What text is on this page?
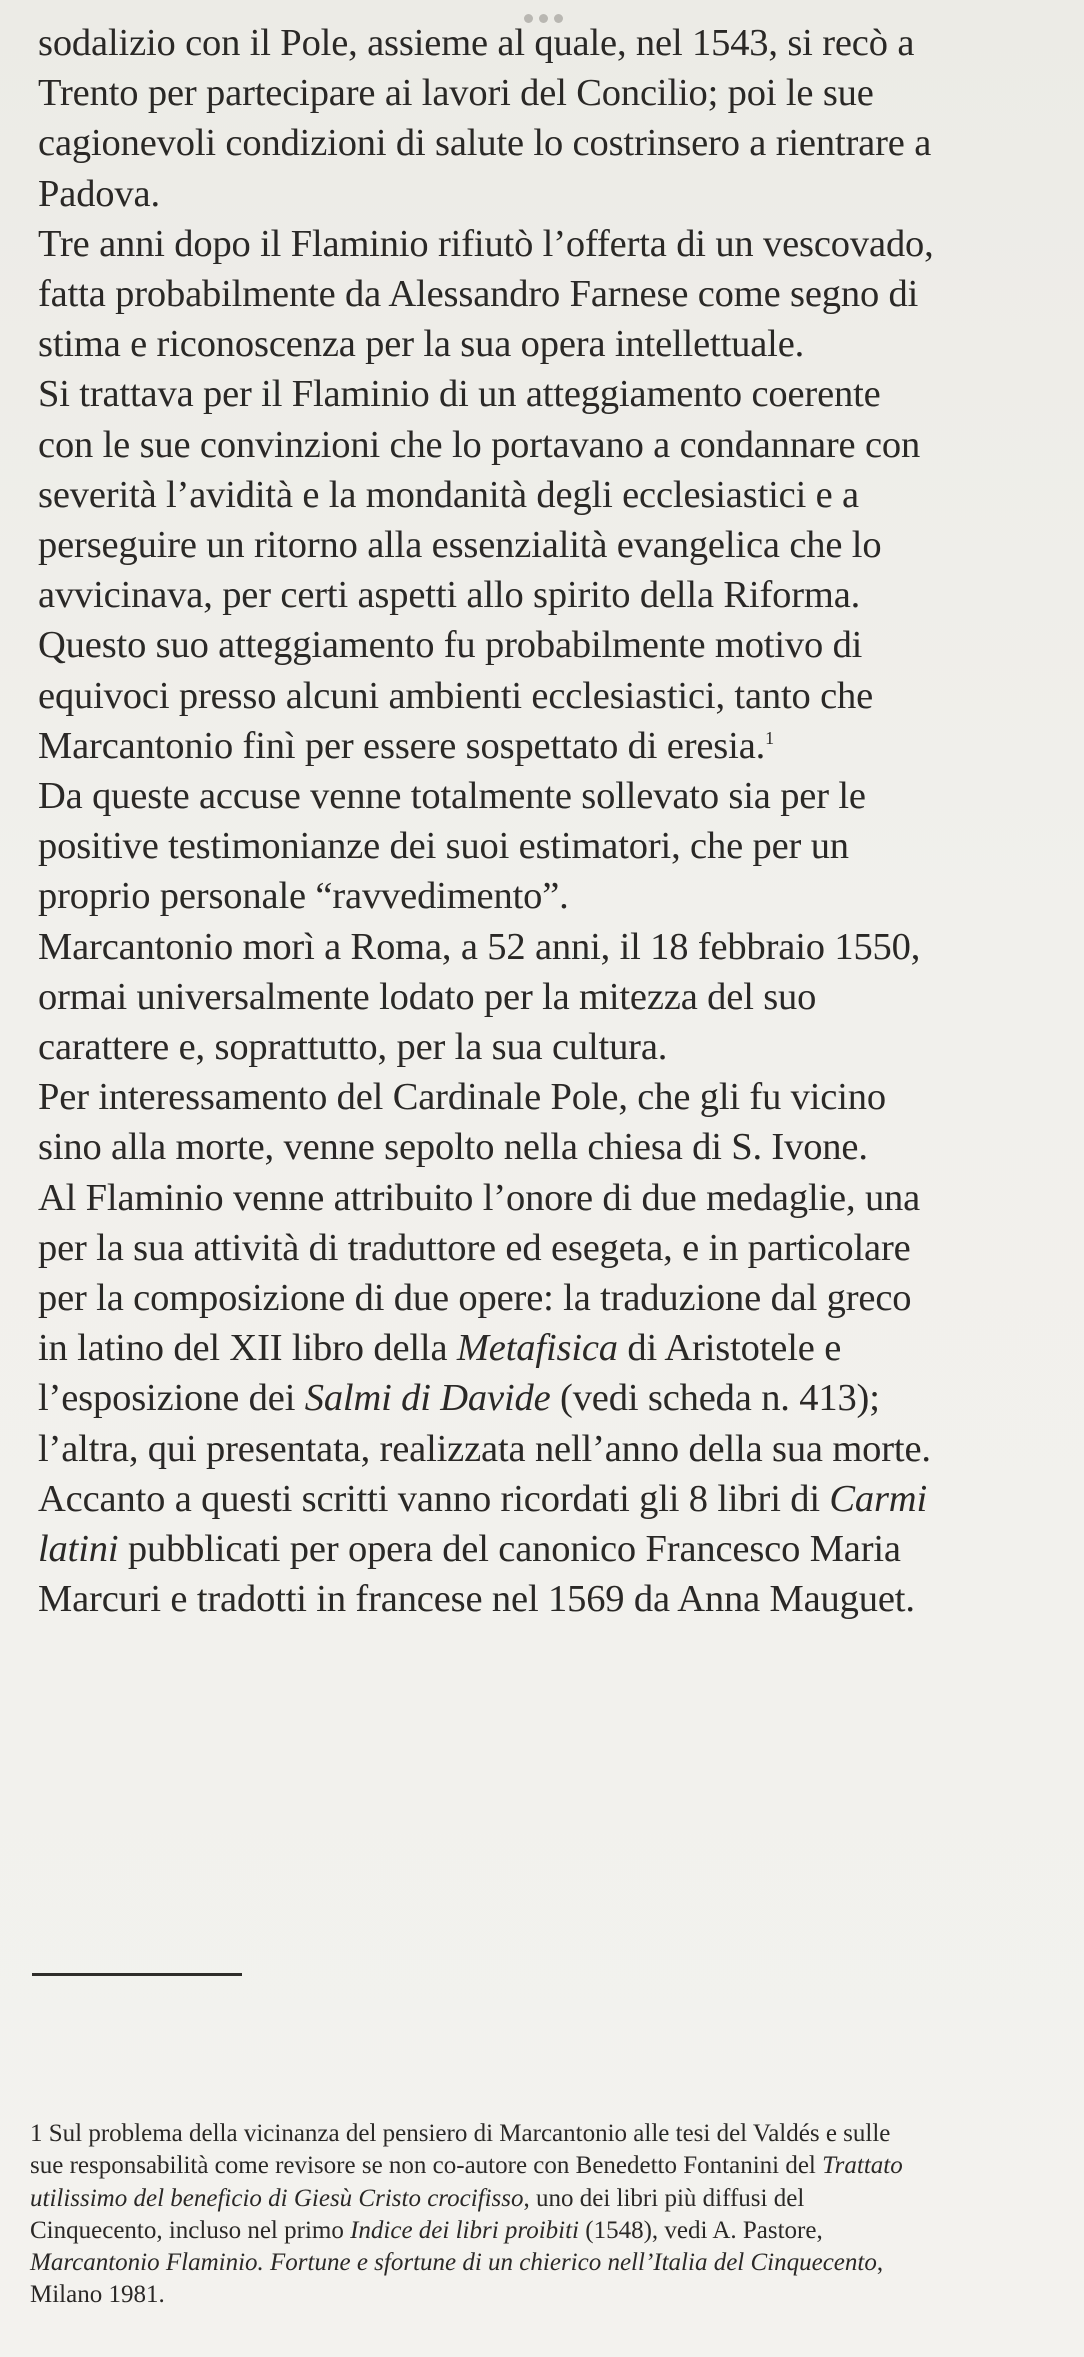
sodalizio con il Pole, assieme al quale, nel 1543, si recò a
Trento per partecipare ai lavori del Concilio; poi le sue
cagionevoli condizioni di salute lo costrinsero a rientrare a
Padova.
Tre anni dopo il Flaminio rifiutò l’offerta di un vescovado,
fatta probabilmente da Alessandro Farnese come segno di
stima e riconoscenza per la sua opera intellettuale.
Si trattava per il Flaminio di un atteggiamento coerente
con le sue convinzioni che lo portavano a condannare con
severità l’avidità e la mondanità degli ecclesiastici e a
perseguire un ritorno alla essenzialità evangelica che lo
avvicinava, per certi aspetti allo spirito della Riforma.
Questo suo atteggiamento fu probabilmente motivo di
equivoci presso alcuni ambienti ecclesiastici, tanto che
Marcantonio finì per essere sospettato di eresia.$^1$
Da queste accuse venne totalmente sollevato sia per le
positive testimonianze dei suoi estimatori, che per un
proprio personale “ravvedimento”.
Marcantonio morì a Roma, a 52 anni, il 18 febbraio 1550,
ormai universalmente lodato per la mitezza del suo
carattere e, soprattutto, per la sua cultura.
Per interessamento del Cardinale Pole, che gli fu vicino
sino alla morte, venne sepolto nella chiesa di S. Ivone.
Al Flaminio venne attribuito l’onore di due medaglie, una
per la sua attività di traduttore ed esegeta, e in particolare
per la composizione di due opere: la traduzione dal greco
in latino del XII libro della Metafisica di Aristotele e
l’esposizione dei Salmi di Davide (vedi scheda n. 413);
l’altra, qui presentata, realizzata nell’anno della sua morte.
Accanto a questi scritti vanno ricordati gli 8 libri di Carmi
latini pubblicati per opera del canonico Francesco Maria
Marcuri e tradotti in francese nel 1569 da Anna Mauguet.
1 Sul problema della vicinanza del pensiero di Marcantonio alle tesi del Valdés e sulle
sue responsabilità come revisore se non co-autore con Benedetto Fontanini del Trattato
utilissimo del beneficio di Giesù Cristo crocifisso, uno dei libri più diffusi del
Cinquecento, incluso nel primo Indice dei libri proibiti (1548), vedi A. Pastore,
Marcantonio Flaminio. Fortune e sfortune di un chierico nell’Italia del Cinquecento,
Milano 1981.
